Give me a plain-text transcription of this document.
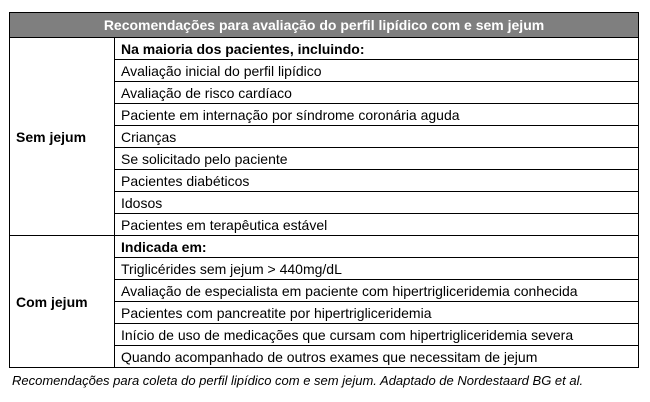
Recomendações para avaliação do perfil lipídico com e sem jejum	
Sem jejum	Na maioria dos pacientes, incluindo:
	Avaliação inicial do perfil lipídico
	Avaliação de risco cardíaco
	Paciente em internação por síndrome coronária aguda
	Crianças
	Se solicitado pelo paciente
	Pacientes diabéticos
	Idosos
	Pacientes em terapêutica estável
Com jejum	Indicada em:
	Triglicérides sem jejum > 440mg/dL
	Avaliação de especialista em paciente com hipertrigliceridemia conhecida
	Pacientes com pancreatite por hipertrigliceridemia
	Início de uso de medicações que cursam com hipertrigliceridemia severa
	Quando acompanhado de outros exames que necessitam de jejum
Recomendações para coleta do perfil lipídico com e sem jejum. Adaptado de Nordestaard BG et al.
